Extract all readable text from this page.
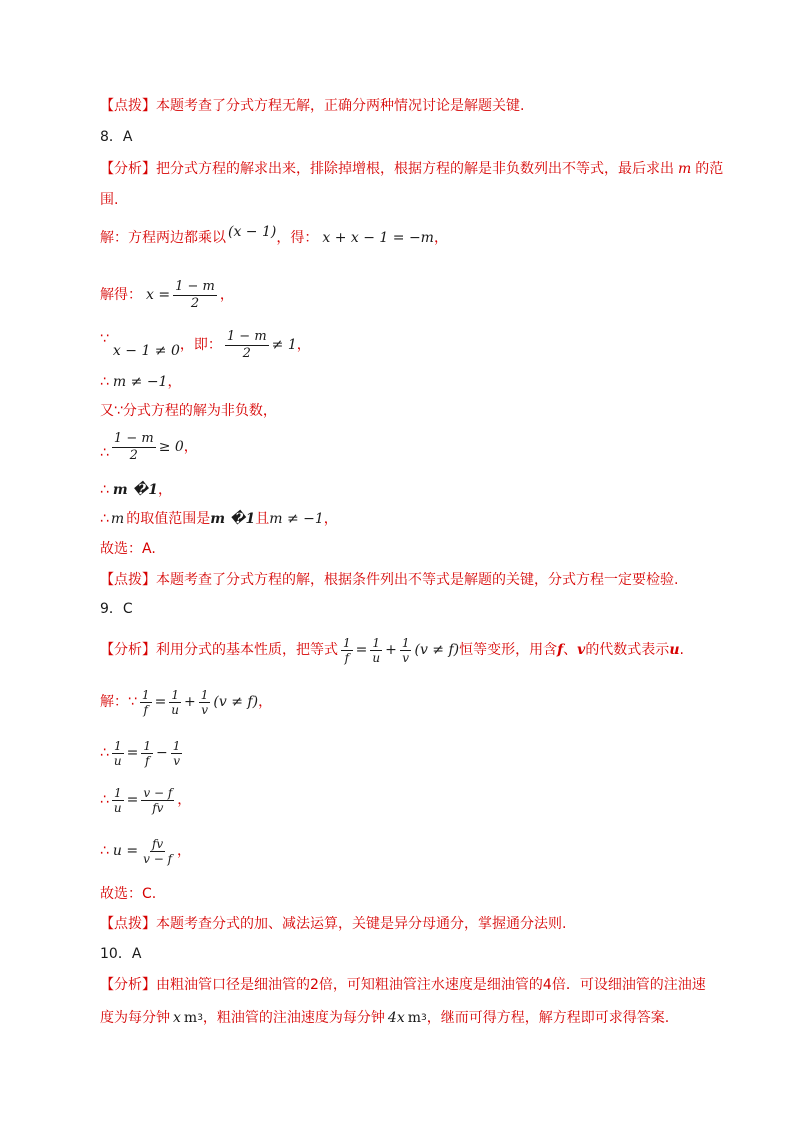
【点拨】 本题考查了分式方程无解，正确分两种情况讨论是解题关键.
8．A
【分析】 把分式方程的解求出来，排除掉增根，根据方程的解是非负数列出不等式，最后求出 m 的范
围.
解：方程两边都乘以 (x − 1) ，得： x + x − 1 = −m ，
解得： $x = \frac{1 - m}{2}$ ，
∵
x − 1 ≠ 0 ，即： $\frac{1 - m}{2} \ne 1$ ，
∴ m ≠ −1 ，
又∵分式方程的解为非负数，
∴ $\frac{1 - m}{2} \ge 0$ ，
∴ m �1 ，
∴ m 的取值范围是 m �1 且 m ≠ −1 ，
故选：A.
【点拨】 本题考查了分式方程的解，根据条件列出不等式是解题的关键，分式方程一定要检验.
9．C
【分析】 利用分式的基本性质，把等式 $\frac{1}{f} = \frac{1}{u} + \frac{1}{v} (v \ne f)$ 恒等变形，用含 f 、 v 的代数式表示 u .
解：∵ $\frac{1}{f} = \frac{1}{u} + \frac{1}{v} (v \ne f)$ ，
∴ $\frac{1}{u} = \frac{1}{f} - \frac{1}{v}$
∴ $\frac{1}{u} = \frac{v - f}{fv}$ ，
∴ $u = \frac{fv}{v - f}$ ，
故选：C.
【点拨】 本题考查分式的加、减法运算，关键是异分母通分，掌握通分法则.
10．A
【分析】 由粗油管口径是细油管的2倍，可知粗油管注水速度是细油管的4倍．可设细油管的注油速
度为每分钟 x m 3 ，粗油管的注油速度为每分钟 4x m 3 ，继而可得方程，解方程即可求得答案.
